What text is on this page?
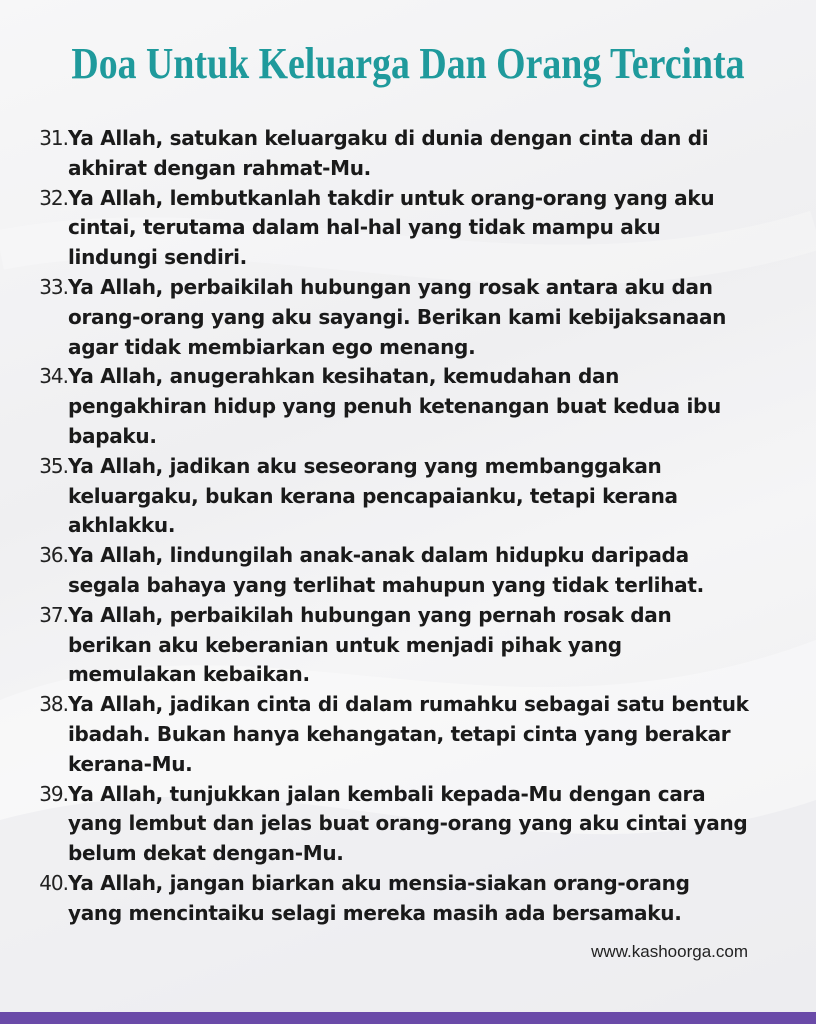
Doa Untuk Keluarga Dan Orang Tercinta
31. Ya Allah, satukan keluargaku di dunia dengan cinta dan di
akhirat dengan rahmat-Mu.
32. Ya Allah, lembutkanlah takdir untuk orang-orang yang aku
cintai, terutama dalam hal-hal yang tidak mampu aku
lindungi sendiri.
33. Ya Allah, perbaikilah hubungan yang rosak antara aku dan
orang-orang yang aku sayangi. Berikan kami kebijaksanaan
agar tidak membiarkan ego menang.
34. Ya Allah, anugerahkan kesihatan, kemudahan dan
pengakhiran hidup yang penuh ketenangan buat kedua ibu
bapaku.
35. Ya Allah, jadikan aku seseorang yang membanggakan
keluargaku, bukan kerana pencapaianku, tetapi kerana
akhlakku.
36. Ya Allah, lindungilah anak-anak dalam hidupku daripada
segala bahaya yang terlihat mahupun yang tidak terlihat.
37. Ya Allah, perbaikilah hubungan yang pernah rosak dan
berikan aku keberanian untuk menjadi pihak yang
memulakan kebaikan.
38. Ya Allah, jadikan cinta di dalam rumahku sebagai satu bentuk
ibadah. Bukan hanya kehangatan, tetapi cinta yang berakar
kerana-Mu.
39. Ya Allah, tunjukkan jalan kembali kepada-Mu dengan cara
yang lembut dan jelas buat orang-orang yang aku cintai yang
belum dekat dengan-Mu.
40. Ya Allah, jangan biarkan aku mensia-siakan orang-orang
yang mencintaiku selagi mereka masih ada bersamaku.
www.kashoorga.com
